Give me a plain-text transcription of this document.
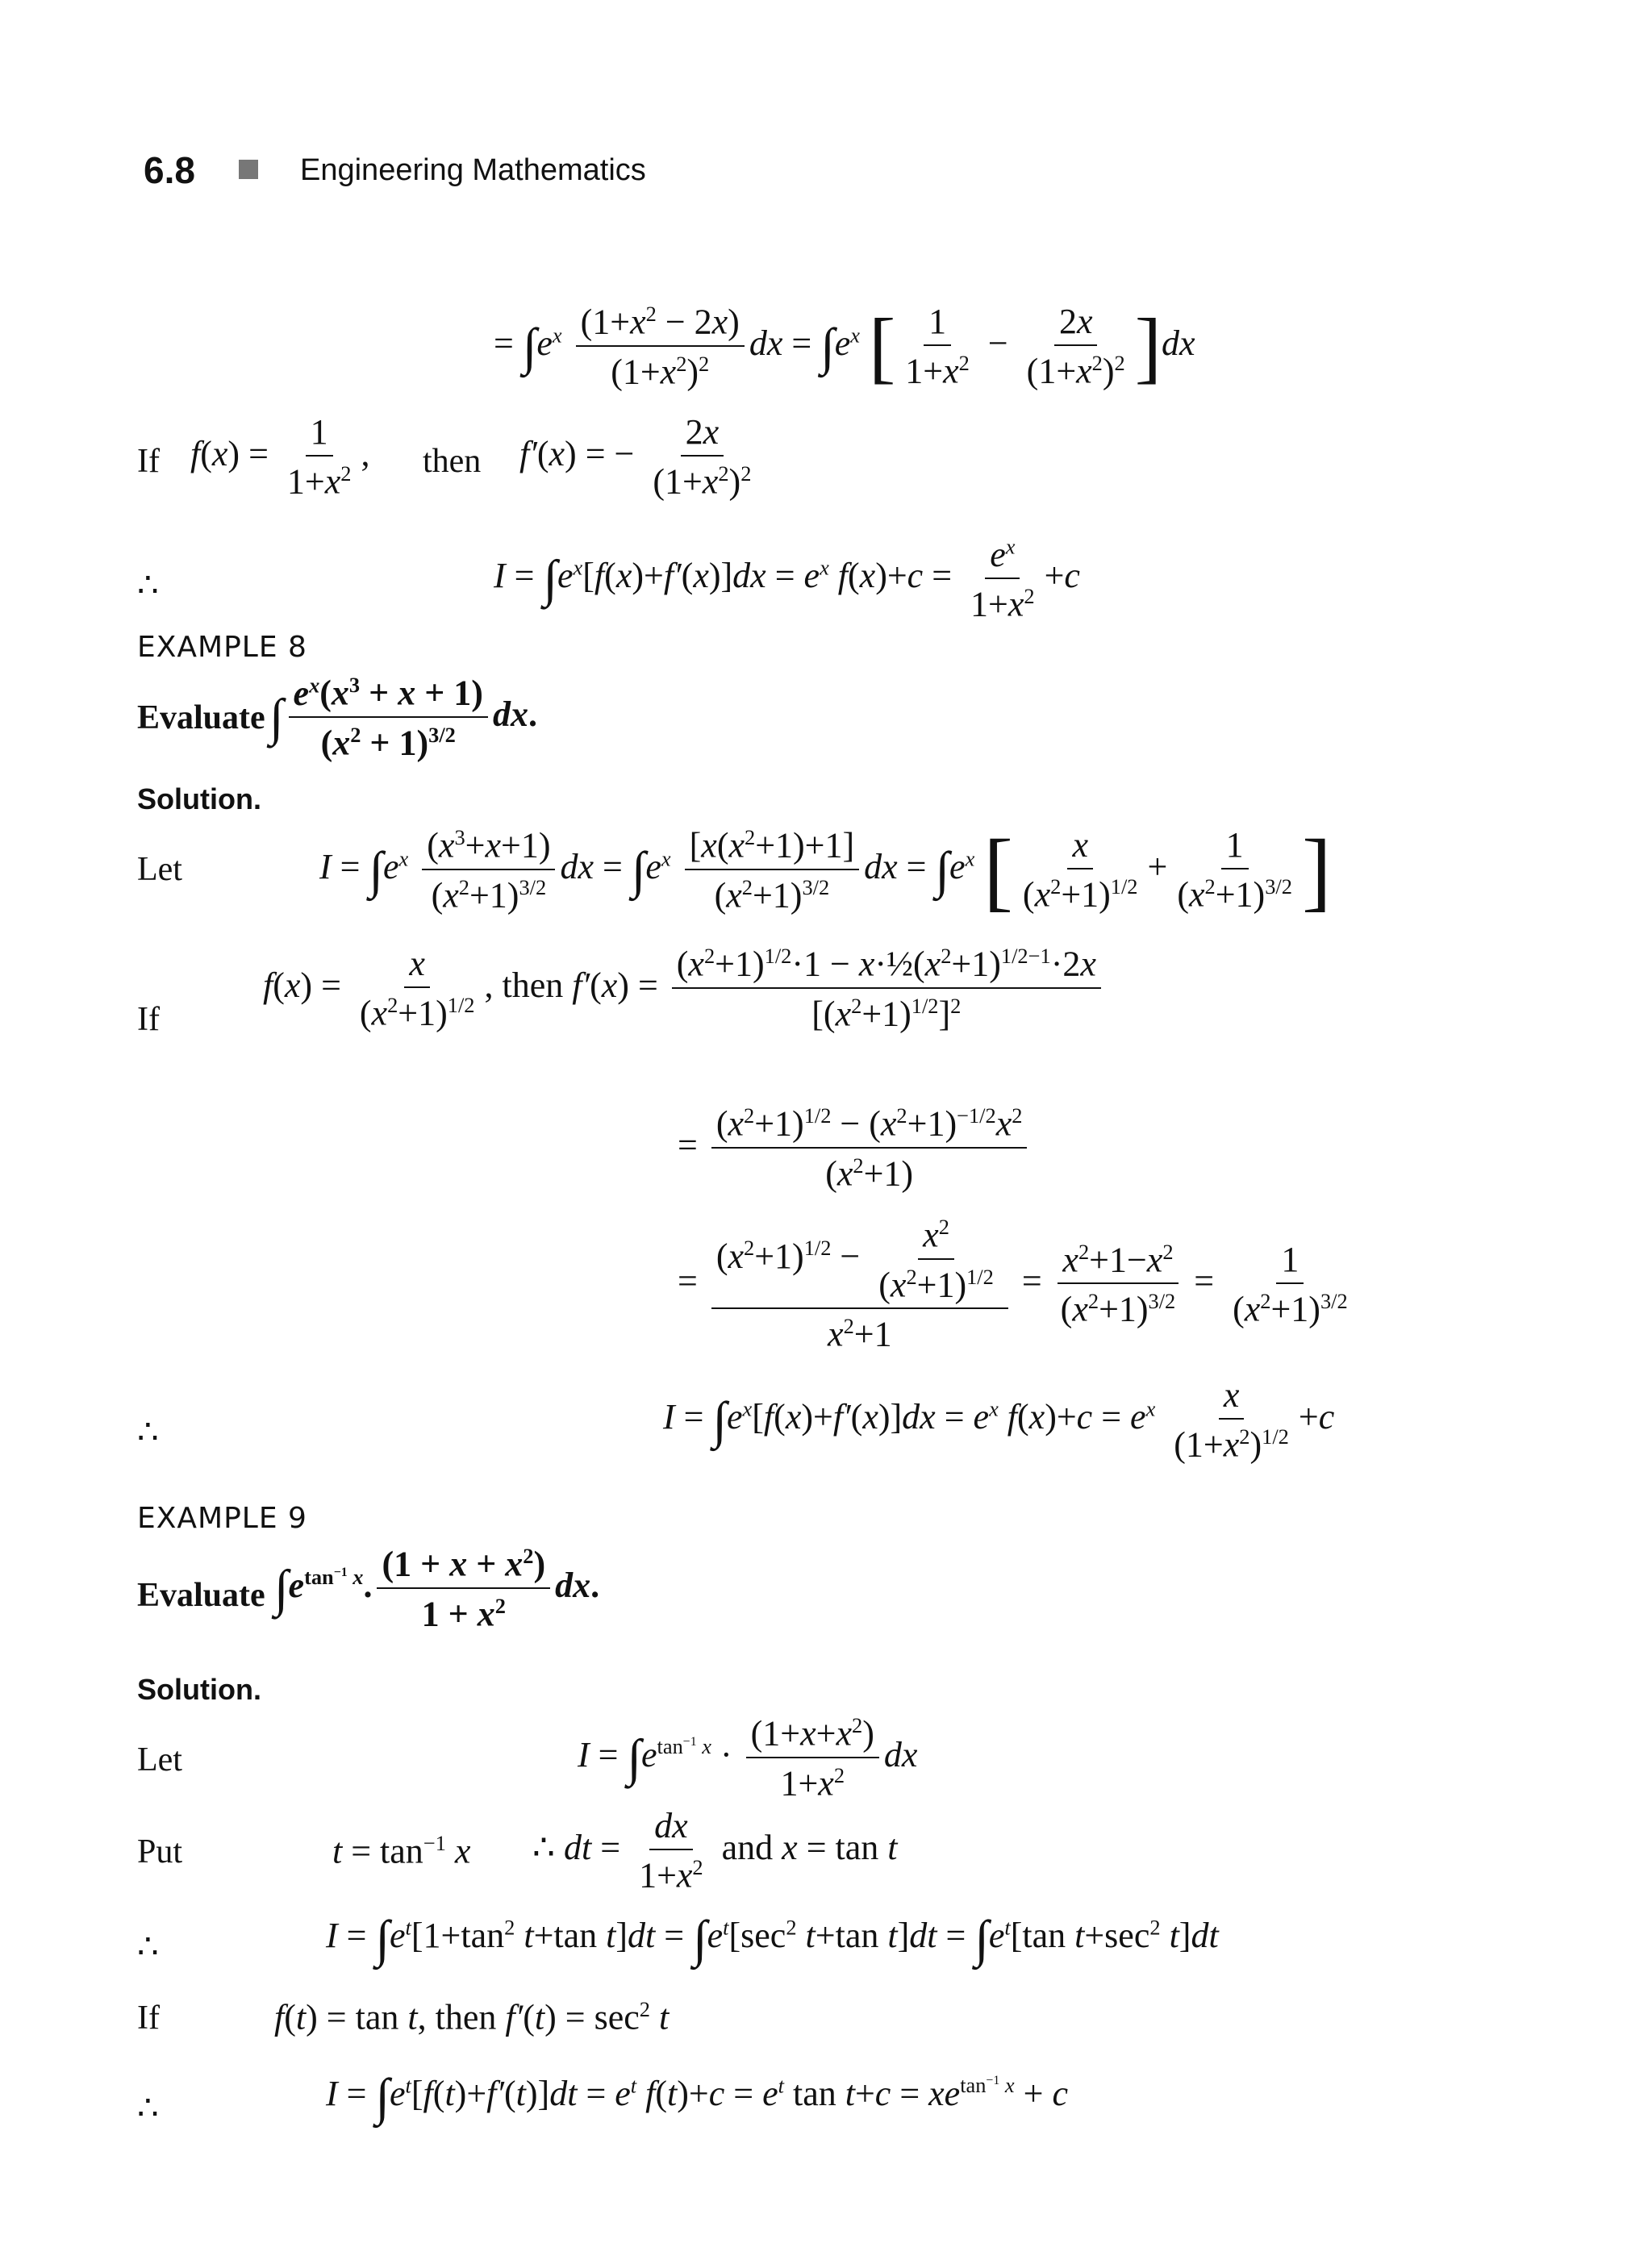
6.8	Engineering Mathematics
= $\int e^x \frac{(1+x^2 - 2x)}{(1+x^2)^2}$ dx = $\int e^x$ [ $\frac{1}{1+x^2} - \frac{2x}{(1+x^2)^2} ]dx$
If $f(x) = \frac{1}{1+x^2}$ , then f′(x) = − $\frac{2x}{(1+x^2)^2}$
∴	$I = \int e^x[f(x)+f'(x)]dx = e^x$ $f(x)+c = \frac{e^x}{1+x^2} +c$
EXAMPLE 8
Evaluate ∫ $\frac{e^x(x^3 + x + 1)}{(x^2 + 1)^{3/2}}$ dx.
Solution.
Let	$I = \int e^x \frac{(x^3+x+1)}{(x^2+1)^{3/2}}$ dx = $\int e^x \frac{[x(x^2+1)+1]}{(x^2+1)^{3/2}}$ dx = $\int e^x$ [ $\frac{x}{(x^2+1)^{1/2}} + \frac{1}{(x^2+1)^{3/2}}$ ]
If
$f(x) = \frac{x}{(x^2+1)^{1/2}}$ , then $f'(x) = \frac{(x^2+1)^{1/2}\cdot 1 - x\cdot\frac{1}{2}(x^2+1)^{1/2-1}\cdot 2x}{[(x^2+1)^{1/2}]^2}$
= $\frac{(x^2+1)^{1/2} - (x^2+1)^{-1/2}x^2}{(x^2+1)}$
= $\frac{(x^2+1)^{1/2} - \frac{x^2}{(x^2+1)^{1/2}}}{x^2+1} = \frac{x^2+1-x^2}{(x^2+1)^{3/2}} = \frac{1}{(x^2+1)^{3/2}}$
∴	$I = \int e^x[f(x)+f'(x)]dx = e^x$ $f(x)+c = e^x \frac{x}{(1+x^2)^{1/2}} +c$
EXAMPLE 9
Evaluate $\int e^{tan^{-1} x}$. $\frac{(1 + x + x^2)}{1 + x^2}$ dx.
Solution.
Let	$I = \int e^{tan^{-1} x} \cdot \frac{(1+x+x^2)}{1+x^2}$ dx
Put	$t = \tan^{-1} x$ ∴ dt = $\frac{dx}{1+x^2}$ and x = tan t
∴	$I = \int e^t[1+\tan^2$ t+tan $t]dt = \int e^t[\sec^2$ t+tan $t]dt = \int e^t[\tan$ $t+\sec^2$ t]dt
If	f(t) = tan t, then $f'(t) = \sec^2 t$
∴	$I = \int e^t[f(t)+f'(t)]dt = e^t$ $f(t)+c = e^t$ $\tan t+c = xe^{tan^{-1} x} + c$
